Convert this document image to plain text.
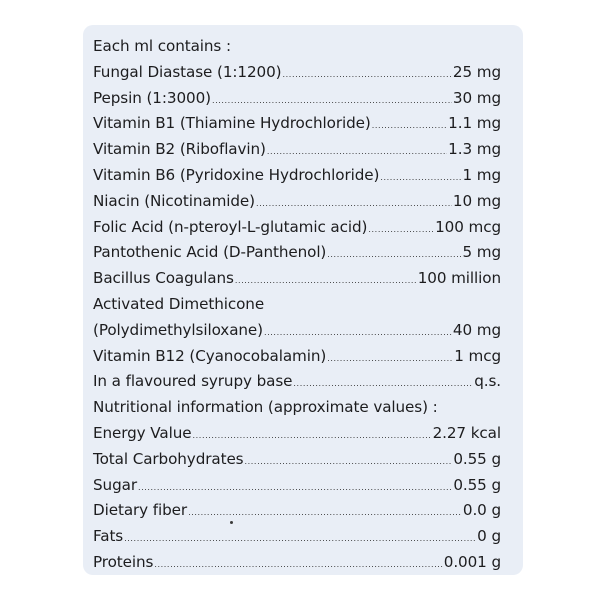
Each ml contains :
Fungal Diastase (1:1200) .....	25 mg
Pepsin (1:3000) .....	30 mg
Vitamin B1 (Thiamine Hydrochloride) .....	1.1 mg
Vitamin B2 (Riboflavin) .....	1.3 mg
Vitamin B6 (Pyridoxine Hydrochloride) .....	1 mg
Niacin (Nicotinamide) .....	10 mg
Folic Acid (n-pteroyl-L-glutamic acid) .....	100 mcg
Pantothenic Acid (D-Panthenol) .....	5 mg
Bacillus Coagulans .....	100 million
Activated Dimethicone
(Polydimethylsiloxane) .....	40 mg
Vitamin B12 (Cyanocobalamin) .....	1 mcg
In a flavoured syrupy base .....	q.s.
Nutritional information (approximate values) :
Energy Value .....	2.27 kcal
Total Carbohydrates .....	0.55 g
Sugar .....	0.55 g
Dietary fiber .....	0.0 g
Fats .....	0 g
Proteins .....	0.001 g
